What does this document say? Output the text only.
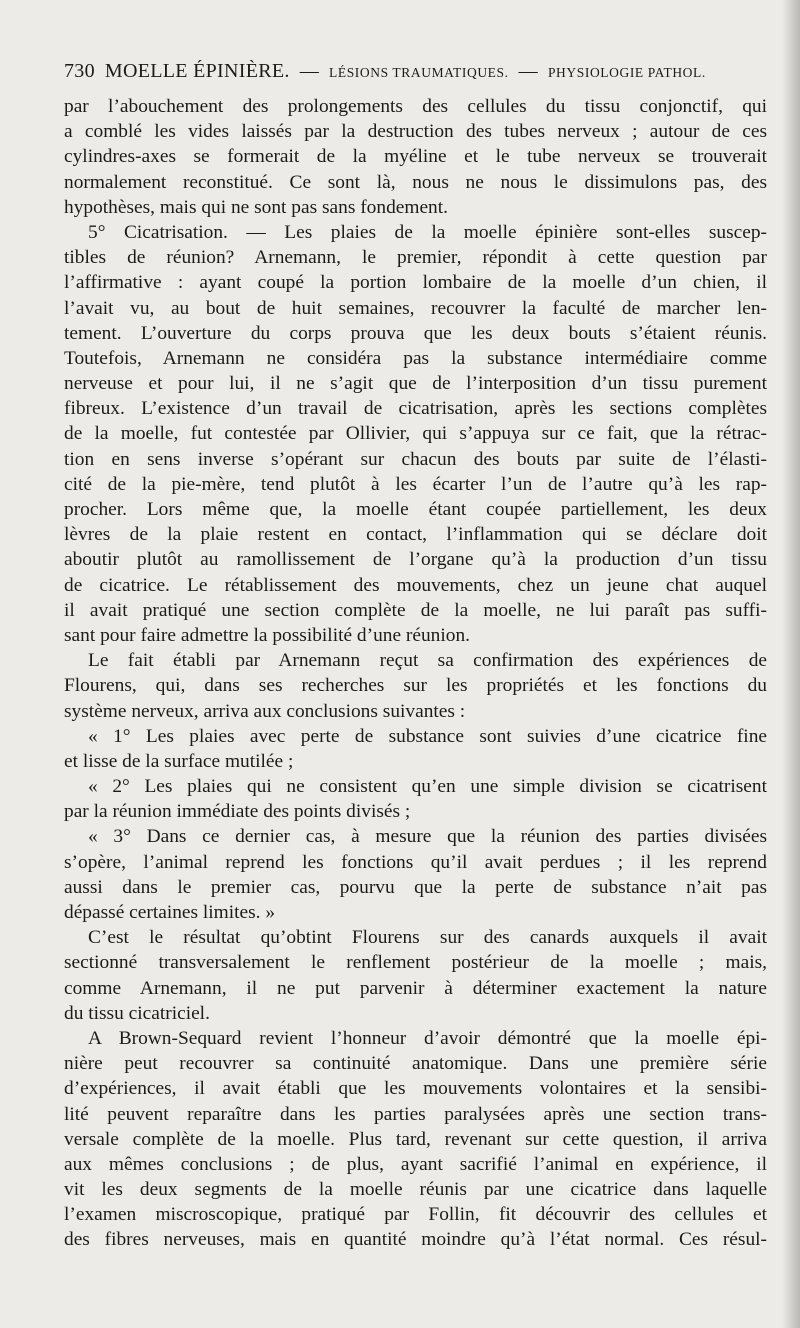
730 MOELLE ÉPINIÈRE. — LÉSIONS TRAUMATIQUES. — PHYSIOLOGIE PATHOL.
par l’abouchement des prolongements des cellules du tissu conjonctif, qui
a comblé les vides laissés par la destruction des tubes nerveux ; autour de ces
cylindres-axes se formerait de la myéline et le tube nerveux se trouverait
normalement reconstitué. Ce sont là, nous ne nous le dissimulons pas, des
hypothèses, mais qui ne sont pas sans fondement.
5° Cicatrisation. — Les plaies de la moelle épinière sont-elles suscep-
tibles de réunion? Arnemann, le premier, répondit à cette question par
l’affirmative : ayant coupé la portion lombaire de la moelle d’un chien, il
l’avait vu, au bout de huit semaines, recouvrer la faculté de marcher len-
tement. L’ouverture du corps prouva que les deux bouts s’étaient réunis.
Toutefois, Arnemann ne considéra pas la substance intermédiaire comme
nerveuse et pour lui, il ne s’agit que de l’interposition d’un tissu purement
fibreux. L’existence d’un travail de cicatrisation, après les sections complètes
de la moelle, fut contestée par Ollivier, qui s’appuya sur ce fait, que la rétrac-
tion en sens inverse s’opérant sur chacun des bouts par suite de l’élasti-
cité de la pie-mère, tend plutôt à les écarter l’un de l’autre qu’à les rap-
procher. Lors même que, la moelle étant coupée partiellement, les deux
lèvres de la plaie restent en contact, l’inflammation qui se déclare doit
aboutir plutôt au ramollissement de l’organe qu’à la production d’un tissu
de cicatrice. Le rétablissement des mouvements, chez un jeune chat auquel
il avait pratiqué une section complète de la moelle, ne lui paraît pas suffi-
sant pour faire admettre la possibilité d’une réunion.
Le fait établi par Arnemann reçut sa confirmation des expériences de
Flourens, qui, dans ses recherches sur les propriétés et les fonctions du
système nerveux, arriva aux conclusions suivantes :
« 1° Les plaies avec perte de substance sont suivies d’une cicatrice fine
et lisse de la surface mutilée ;
« 2° Les plaies qui ne consistent qu’en une simple division se cicatrisent
par la réunion immédiate des points divisés ;
« 3° Dans ce dernier cas, à mesure que la réunion des parties divisées
s’opère, l’animal reprend les fonctions qu’il avait perdues ; il les reprend
aussi dans le premier cas, pourvu que la perte de substance n’ait pas
dépassé certaines limites. »
C’est le résultat qu’obtint Flourens sur des canards auxquels il avait
sectionné transversalement le renflement postérieur de la moelle ; mais,
comme Arnemann, il ne put parvenir à déterminer exactement la nature
du tissu cicatriciel.
A Brown-Sequard revient l’honneur d’avoir démontré que la moelle épi-
nière peut recouvrer sa continuité anatomique. Dans une première série
d’expériences, il avait établi que les mouvements volontaires et la sensibi-
lité peuvent reparaître dans les parties paralysées après une section trans-
versale complète de la moelle. Plus tard, revenant sur cette question, il arriva
aux mêmes conclusions ; de plus, ayant sacrifié l’animal en expérience, il
vit les deux segments de la moelle réunis par une cicatrice dans laquelle
l’examen miscroscopique, pratiqué par Follin, fit découvrir des cellules et
des fibres nerveuses, mais en quantité moindre qu’à l’état normal. Ces résul-
